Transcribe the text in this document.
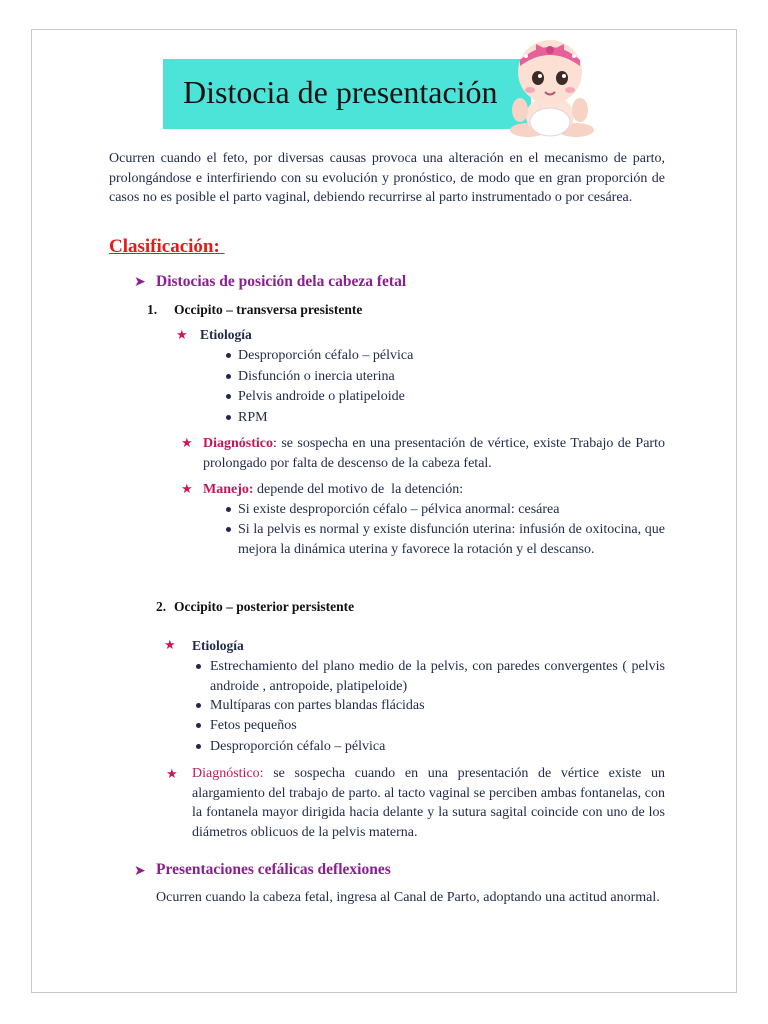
Distocia de presentación
Ocurren cuando el feto, por diversas causas provoca una alteración en el mecanismo de parto, prolongándose e interfiriendo con su evolución y pronóstico, de modo que en gran proporción de casos no es posible el parto vaginal, debiendo recurrirse al parto instrumentado o por cesárea.
Clasificación:
➤ Distocias de posición dela cabeza fetal
1. Occipito – transversa presistente
★ Etiología
Desproporción céfalo – pélvica
Disfunción o inercia uterina
Pelvis androide o platipeloide
RPM
★ Diagnóstico: se sospecha en una presentación de vértice, existe Trabajo de Parto prolongado por falta de descenso de la cabeza fetal.
★ Manejo: depende del motivo de  la detención:
Si existe desproporción céfalo – pélvica anormal: cesárea
Si la pelvis es normal y existe disfunción uterina: infusión de oxitocina, que mejora la dinámica uterina y favorece la rotación y el descanso.
2. Occipito – posterior persistente
★ Etiología
Estrechamiento del plano medio de la pelvis, con paredes convergentes ( pelvis androide , antropoide, platipeloide)
Multíparas con partes blandas flácidas
Fetos pequeños
Desproporción céfalo – pélvica
★ Diagnóstico: se sospecha cuando en una presentación de vértice existe un alargamiento del trabajo de parto. al tacto vaginal se perciben ambas fontanelas, con la fontanela mayor dirigida hacia delante y la sutura sagital coincide con uno de los diámetros oblicuos de la pelvis materna.
➤ Presentaciones cefálicas deflexiones
Ocurren cuando la cabeza fetal, ingresa al Canal de Parto, adoptando una actitud anormal.
